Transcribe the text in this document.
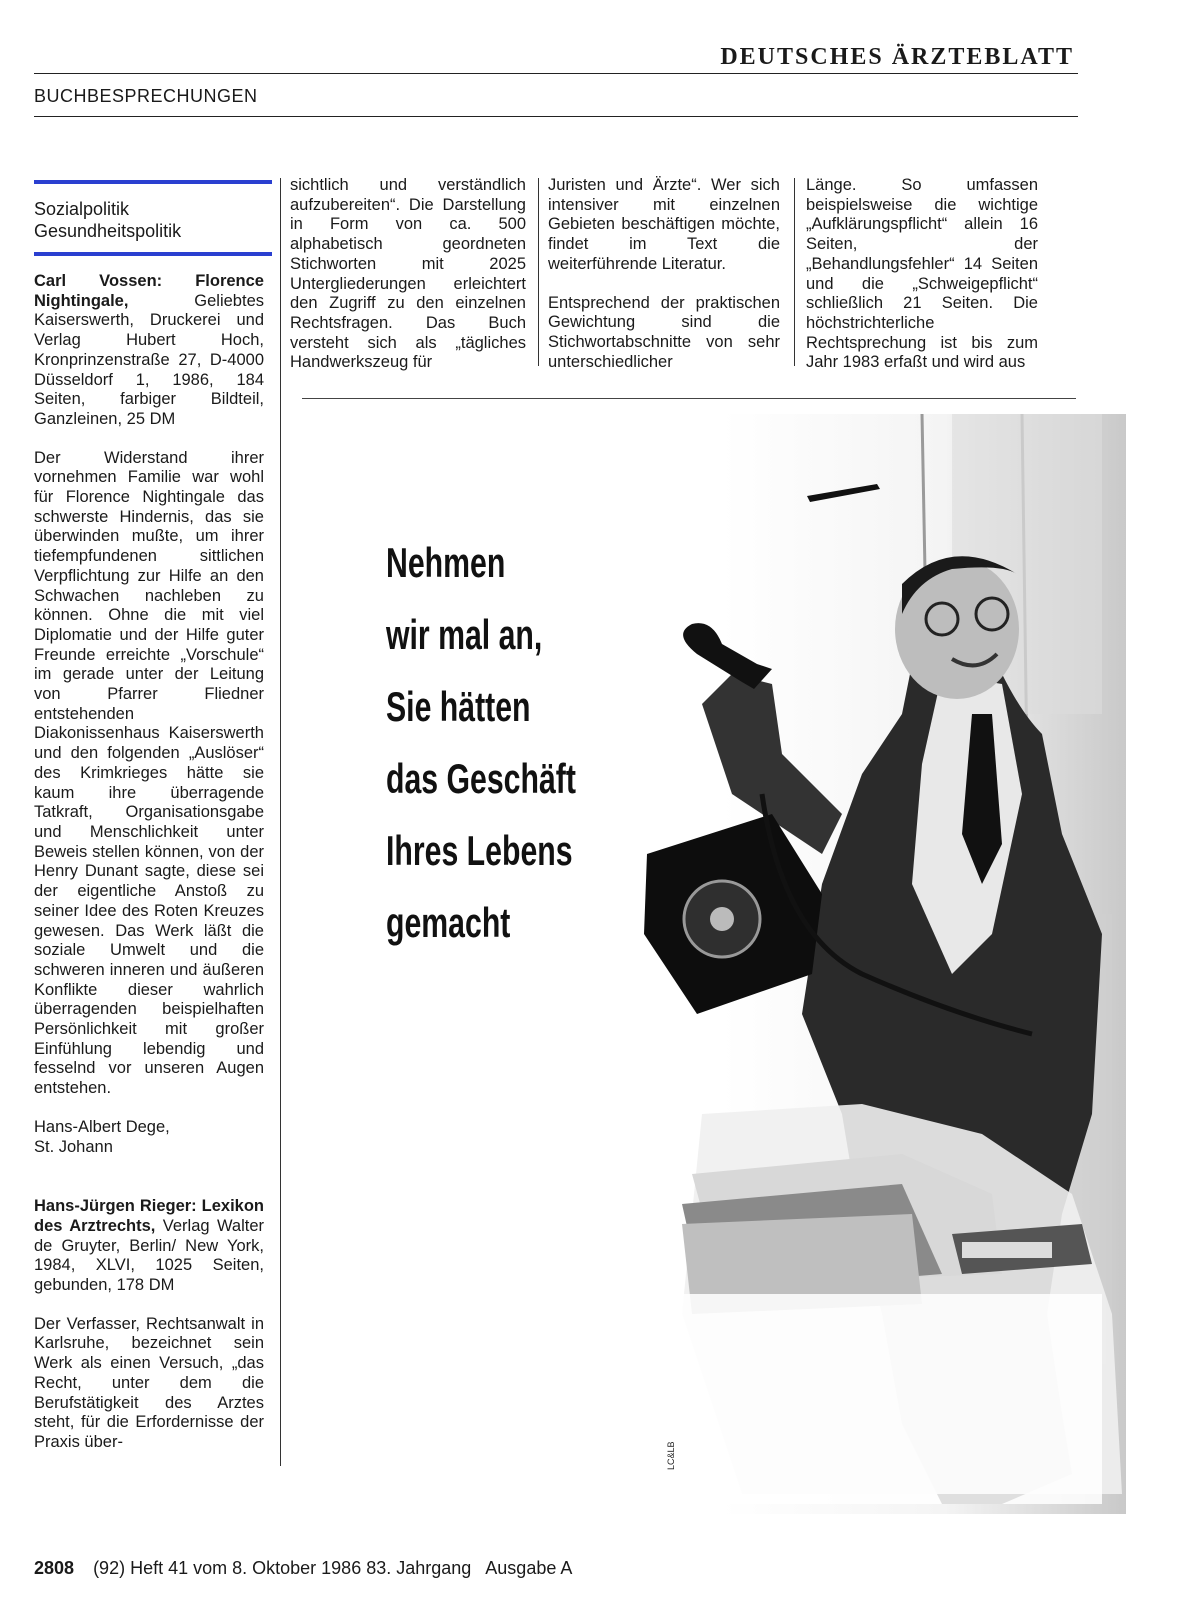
DEUTSCHES ÄRZTEBLATT
BUCHBESPRECHUNGEN
Sozialpolitik
Gesundheitspolitik

Carl Vossen: Florence Nightingale, Geliebtes Kaiserswerth, Druckerei und Verlag Hubert Hoch, Kronprinzenstraße 27, D-4000 Düsseldorf 1, 1986, 184 Seiten, farbiger Bildteil, Ganzleinen, 25 DM

Der Widerstand ihrer vornehmen Familie war wohl für Florence Nightingale das schwerste Hindernis, das sie überwinden mußte, um ihrer tiefempfundenen sittlichen Verpflichtung zur Hilfe an den Schwachen nachleben zu können. Ohne die mit viel Diplomatie und der Hilfe guter Freunde erreichte „Vorschule“ im gerade unter der Leitung von Pfarrer Fliedner entstehenden Diakonissenhaus Kaiserswerth und den folgenden „Auslöser“ des Krimkrieges hätte sie kaum ihre überragende Tatkraft, Organisationsgabe und Menschlichkeit unter Beweis stellen können, von der Henry Dunant sagte, diese sei der eigentliche Anstoß zu seiner Idee des Roten Kreuzes gewesen. Das Werk läßt die soziale Umwelt und die schweren inneren und äußeren Konflikte dieser wahrlich überragenden beispielhaften Persönlichkeit mit großer Einfühlung lebendig und fesselnd vor unseren Augen entstehen.

Hans-Albert Dege,
St. Johann

Hans-Jürgen Rieger: Lexikon des Arztrechts, Verlag Walter de Gruyter, Berlin/ New York, 1984, XLVI, 1025 Seiten, gebunden, 178 DM

Der Verfasser, Rechtsanwalt in Karlsruhe, bezeichnet sein Werk als einen Versuch, „das Recht, unter dem die Berufstätigkeit des Arztes steht, für die Erfordernisse der Praxis über-

sichtlich und verständlich aufzubereiten“. Die Darstellung in Form von ca. 500 alphabetisch geordneten Stichworten mit 2025 Untergliederungen erleichtert den Zugriff zu den einzelnen Rechtsfragen. Das Buch versteht sich als „tägliches Handwerkszeug für

Juristen und Ärzte“. Wer sich intensiver mit einzelnen Gebieten beschäftigen möchte, findet im Text die weiterführende Literatur.

Entsprechend der praktischen Gewichtung sind die Stichwortabschnitte von sehr unterschiedlicher

Länge. So umfassen beispielsweise die wichtige „Aufklärungspflicht“ allein 16 Seiten, der „Behandlungsfehler“ 14 Seiten und die „Schweigepflicht“ schließlich 21 Seiten. Die höchstrichterliche Rechtsprechung ist bis zum Jahr 1983 erfaßt und wird aus

Nehmen
wir mal an,
Sie hätten
das Geschäft
Ihres Lebens
gemacht
LC&LB
2808 (92) Heft 41 vom 8. Oktober 1986 83. Jahrgang   Ausgabe A
